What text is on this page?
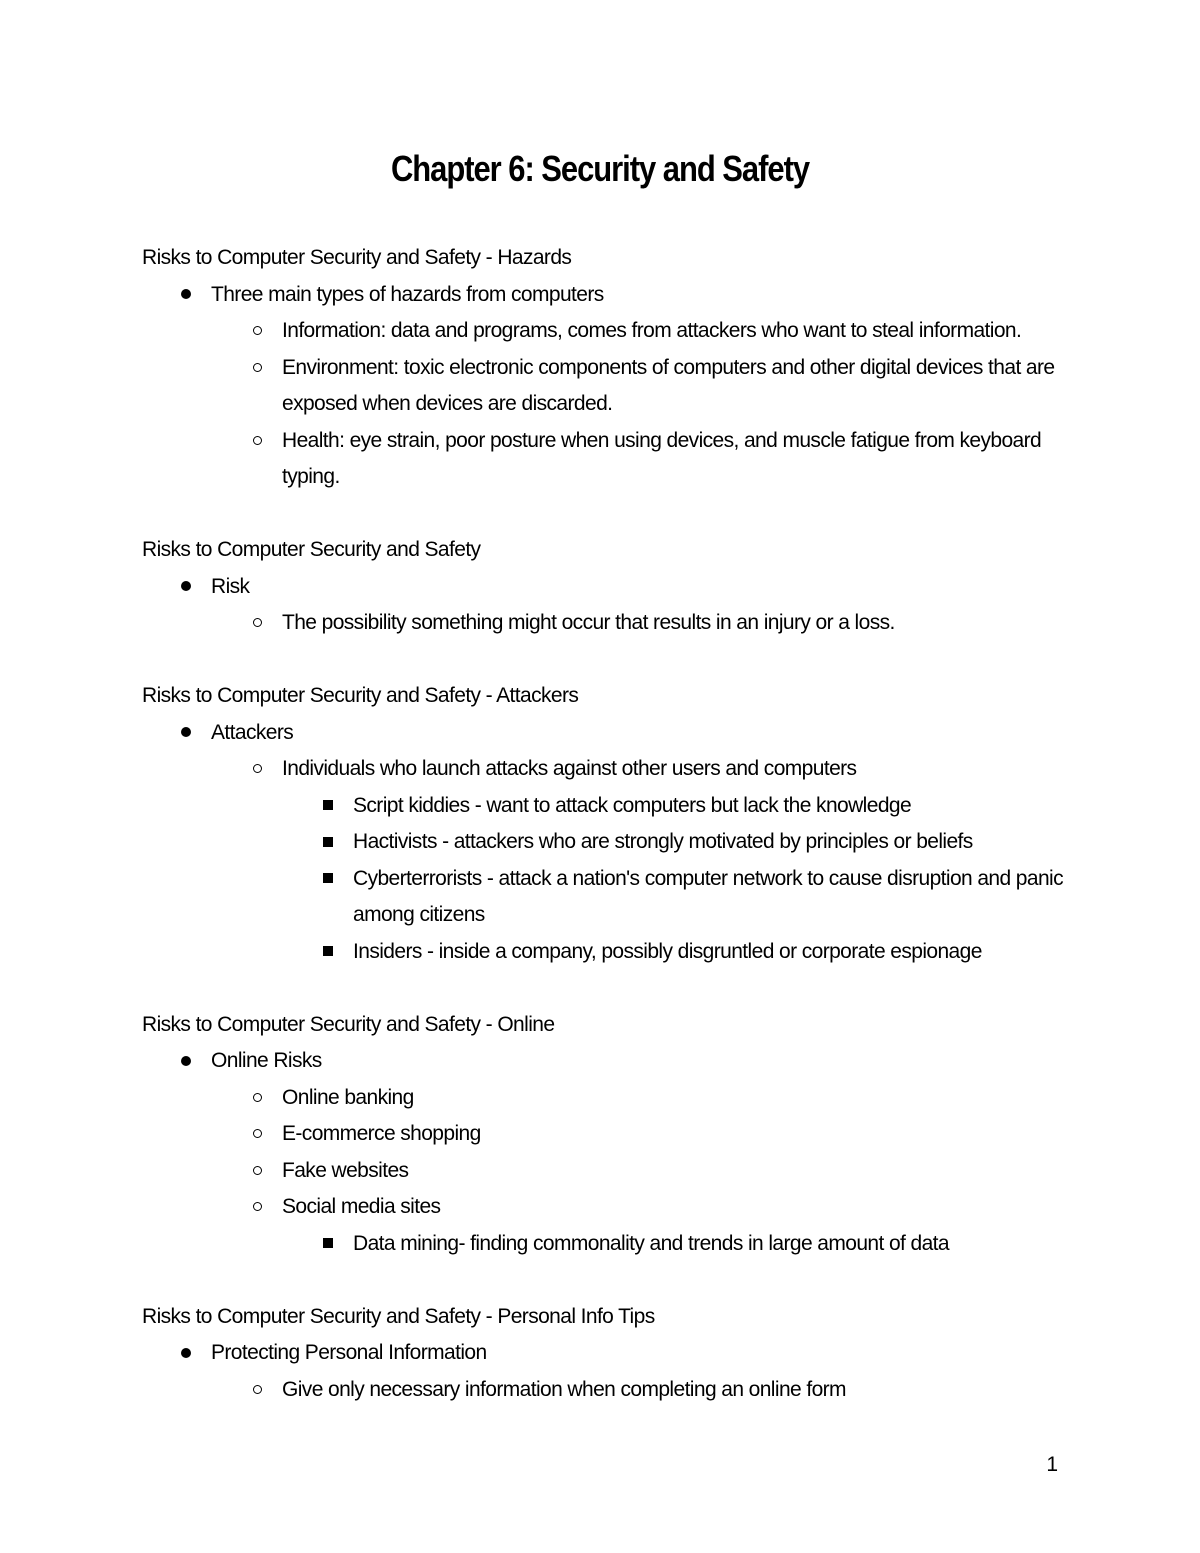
Chapter 6: Security and Safety
Risks to Computer Security and Safety - Hazards
Three main types of hazards from computers
Information: data and programs, comes from attackers who want to steal information.
Environment: toxic electronic components of computers and other digital devices that are exposed when devices are discarded.
Health: eye strain, poor posture when using devices, and muscle fatigue from keyboard typing.
Risks to Computer Security and Safety
Risk
The possibility something might occur that results in an injury or a loss.
Risks to Computer Security and Safety - Attackers
Attackers
Individuals who launch attacks against other users and computers
Script kiddies - want to attack computers but lack the knowledge
Hactivists - attackers who are strongly motivated by principles or beliefs
Cyberterrorists - attack a nation's computer network to cause disruption and panic among citizens
Insiders - inside a company, possibly disgruntled or corporate espionage
Risks to Computer Security and Safety - Online
Online Risks
Online banking
E-commerce shopping
Fake websites
Social media sites
Data mining- finding commonality and trends in large amount of data
Risks to Computer Security and Safety - Personal Info Tips
Protecting Personal Information
Give only necessary information when completing an online form
1
